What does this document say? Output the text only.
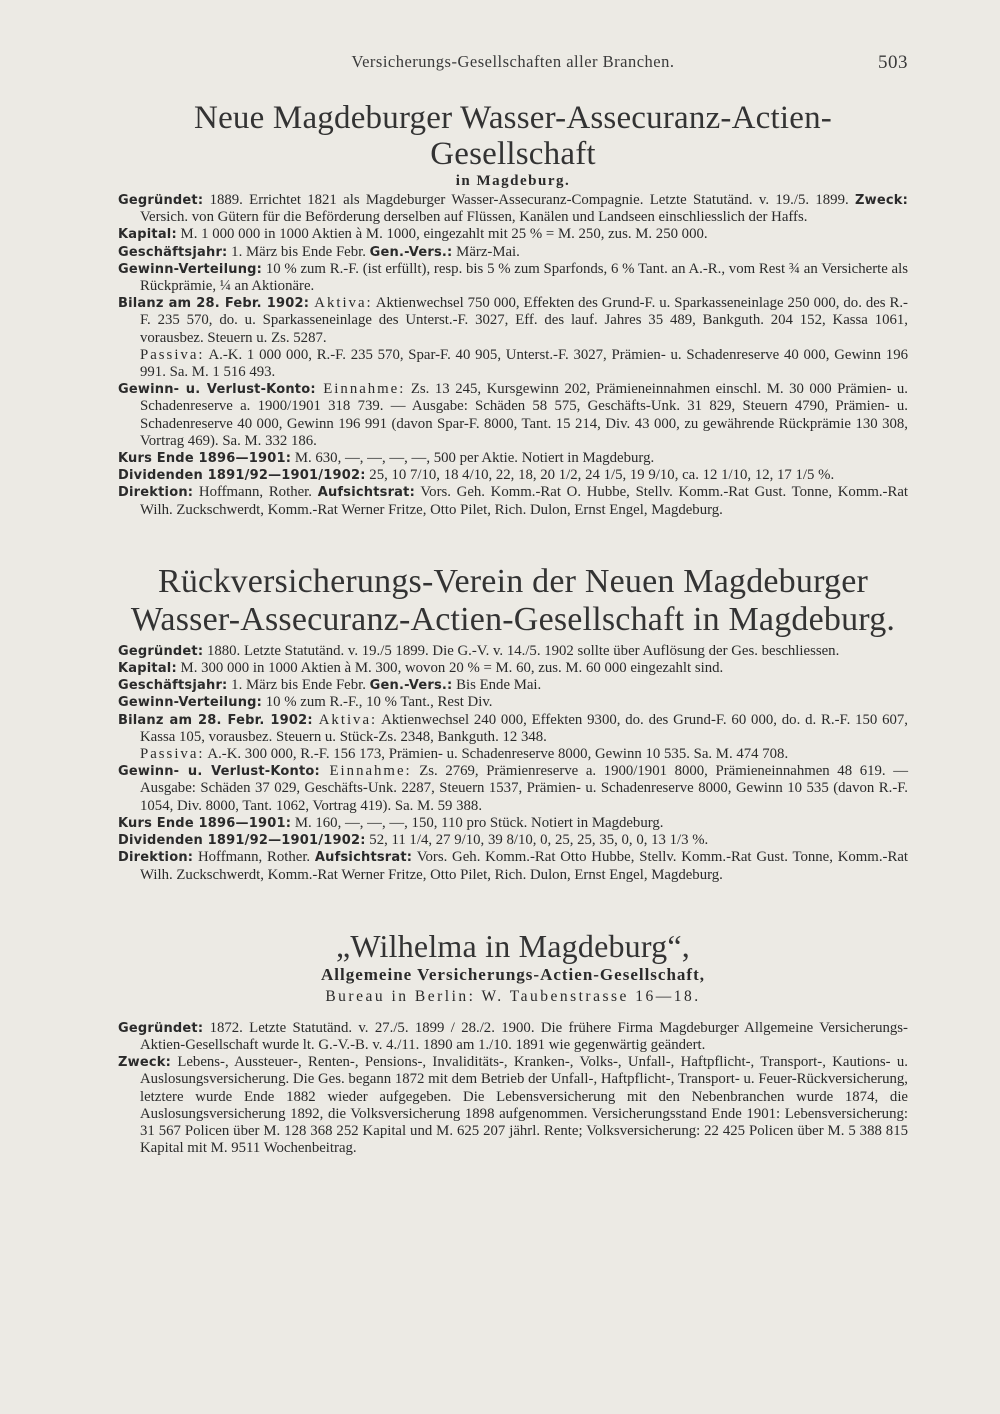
Versicherungs-Gesellschaften aller Branchen.	503
Neue Magdeburger Wasser-Assecuranz-Actien-Gesellschaft
in Magdeburg.

Gegründet: 1889. Errichtet 1821 als Magdeburger Wasser-Assecuranz-Compagnie. Letzte Statutänd. v. 19./5. 1899. Zweck: Versich. von Gütern für die Beförderung derselben auf Flüssen, Kanälen und Landseen einschliesslich der Haffs.

Kapital: M. 1 000 000 in 1000 Aktien à M. 1000, eingezahlt mit 25 % = M. 250, zus. M. 250 000.

Geschäftsjahr: 1. März bis Ende Febr. Gen.-Vers.: März-Mai.

Gewinn-Verteilung: 10 % zum R.-F. (ist erfüllt), resp. bis 5 % zum Sparfonds, 6 % Tant. an A.-R., vom Rest ¾ an Versicherte als Rückprämie, ¼ an Aktionäre.

Bilanz am 28. Febr. 1902: Aktiva: Aktienwechsel 750 000, Effekten des Grund-F. u. Sparkasseneinlage 250 000, do. des R.-F. 235 570, do. u. Sparkasseneinlage des Unterst.-F. 3027, Eff. des lauf. Jahres 35 489, Bankguth. 204 152, Kassa 1061, vorausbez. Steuern u. Zs. 5287.

Passiva: A.-K. 1 000 000, R.-F. 235 570, Spar-F. 40 905, Unterst.-F. 3027, Prämien- u. Schadenreserve 40 000, Gewinn 196 991. Sa. M. 1 516 493.

Gewinn- u. Verlust-Konto: Einnahme: Zs. 13 245, Kursgewinn 202, Prämieneinnahmen einschl. M. 30 000 Prämien- u. Schadenreserve a. 1900/1901 318 739. — Ausgabe: Schäden 58 575, Geschäfts-Unk. 31 829, Steuern 4790, Prämien- u. Schadenreserve 40 000, Gewinn 196 991 (davon Spar-F. 8000, Tant. 15 214, Div. 43 000, zu gewährende Rückprämie 130 308, Vortrag 469). Sa. M. 332 186.

Kurs Ende 1896—1901: M. 630, —, —, —, —, 500 per Aktie. Notiert in Magdeburg.

Dividenden 1891/92—1901/1902: 25, 10 7/10, 18 4/10, 22, 18, 20 1/2, 24 1/5, 19 9/10, ca. 12 1/10, 12, 17 1/5 %.

Direktion: Hoffmann, Rother. Aufsichtsrat: Vors. Geh. Komm.-Rat O. Hubbe, Stellv. Komm.-Rat Gust. Tonne, Komm.-Rat Wilh. Zuckschwerdt, Komm.-Rat Werner Fritze, Otto Pilet, Rich. Dulon, Ernst Engel, Magdeburg.

Rückversicherungs-Verein der Neuen Magdeburger
Wasser-Assecuranz-Actien-Gesellschaft in Magdeburg.

Gegründet: 1880. Letzte Statutänd. v. 19./5 1899. Die G.-V. v. 14./5. 1902 sollte über Auflösung der Ges. beschliessen.

Kapital: M. 300 000 in 1000 Aktien à M. 300, wovon 20 % = M. 60, zus. M. 60 000 eingezahlt sind.

Geschäftsjahr: 1. März bis Ende Febr. Gen.-Vers.: Bis Ende Mai.

Gewinn-Verteilung: 10 % zum R.-F., 10 % Tant., Rest Div.

Bilanz am 28. Febr. 1902: Aktiva: Aktienwechsel 240 000, Effekten 9300, do. des Grund-F. 60 000, do. d. R.-F. 150 607, Kassa 105, vorausbez. Steuern u. Stück-Zs. 2348, Bankguth. 12 348.

Passiva: A.-K. 300 000, R.-F. 156 173, Prämien- u. Schadenreserve 8000, Gewinn 10 535. Sa. M. 474 708.

Gewinn- u. Verlust-Konto: Einnahme: Zs. 2769, Prämienreserve a. 1900/1901 8000, Prämieneinnahmen 48 619. — Ausgabe: Schäden 37 029, Geschäfts-Unk. 2287, Steuern 1537, Prämien- u. Schadenreserve 8000, Gewinn 10 535 (davon R.-F. 1054, Div. 8000, Tant. 1062, Vortrag 419). Sa. M. 59 388.

Kurs Ende 1896—1901: M. 160, —, —, —, 150, 110 pro Stück. Notiert in Magdeburg.

Dividenden 1891/92—1901/1902: 52, 11 1/4, 27 9/10, 39 8/10, 0, 25, 25, 35, 0, 0, 13 1/3 %.

Direktion: Hoffmann, Rother. Aufsichtsrat: Vors. Geh. Komm.-Rat Otto Hubbe, Stellv. Komm.-Rat Gust. Tonne, Komm.-Rat Wilh. Zuckschwerdt, Komm.-Rat Werner Fritze, Otto Pilet, Rich. Dulon, Ernst Engel, Magdeburg.

„Wilhelma in Magdeburg“,
Allgemeine Versicherungs-Actien-Gesellschaft,
Bureau in Berlin: W. Taubenstrasse 16—18.

Gegründet: 1872. Letzte Statutänd. v. 27./5. 1899 / 28./2. 1900. Die frühere Firma Magdeburger Allgemeine Versicherungs-Aktien-Gesellschaft wurde lt. G.-V.-B. v. 4./11. 1890 am 1./10. 1891 wie gegenwärtig geändert.

Zweck: Lebens-, Aussteuer-, Renten-, Pensions-, Invaliditäts-, Kranken-, Volks-, Unfall-, Haftpflicht-, Transport-, Kautions- u. Auslosungsversicherung. Die Ges. begann 1872 mit dem Betrieb der Unfall-, Haftpflicht-, Transport- u. Feuer-Rückversicherung, letztere wurde Ende 1882 wieder aufgegeben. Die Lebensversicherung mit den Nebenbranchen wurde 1874, die Auslosungsversicherung 1892, die Volksversicherung 1898 aufgenommen. Versicherungsstand Ende 1901: Lebensversicherung: 31 567 Policen über M. 128 368 252 Kapital und M. 625 207 jährl. Rente; Volksversicherung: 22 425 Policen über M. 5 388 815 Kapital mit M. 9511 Wochenbeitrag.
